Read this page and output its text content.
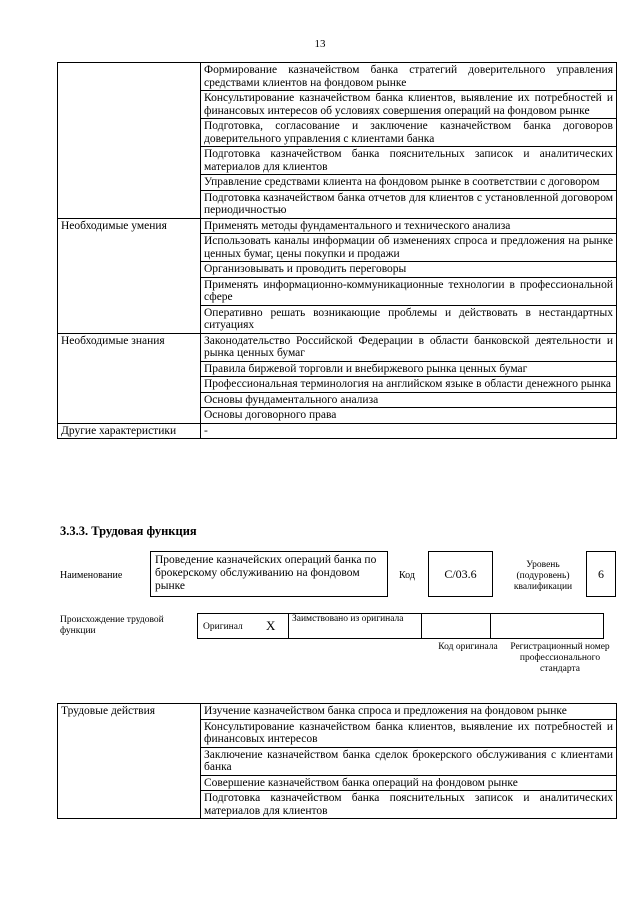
13
	Формирование казначейством банка стратегий доверительного управления средствами клиентов на фондовом рынке
	Консультирование казначейством банка клиентов, выявление их потребностей и финансовых интересов об условиях совершения операций на фондовом рынке
	Подготовка, согласование и заключение казначейством банка договоров доверительного управления с клиентами банка
	Подготовка казначейством банка пояснительных записок и аналитических материалов для клиентов
	Управление средствами клиента на фондовом рынке в соответствии с договором
	Подготовка казначейством банка отчетов для клиентов с установленной договором периодичностью
Необходимые умения	Применять методы фундаментального и технического анализа
	Использовать каналы информации об изменениях спроса и предложения на рынке ценных бумаг, цены покупки и продажи
	Организовывать и проводить переговоры
	Применять информационно-коммуникационные технологии в профессиональной сфере
	Оперативно решать возникающие проблемы и действовать в нестандартных ситуациях
Необходимые знания	Законодательство Российской Федерации в области банковской деятельности и рынка ценных бумаг
	Правила биржевой торговли и внебиржевого рынка ценных бумаг
	Профессиональная терминология на английском языке в области денежного рынка
	Основы фундаментального анализа
	Основы договорного права
Другие характеристики	-
3.3.3. Трудовая функция
Наименование
Проведение казначейских операций банка по брокерскому обслуживанию на фондовом рынке
Код	C/03.6
Уровень (подуровень) квалификации
6
Происхождение трудовой функции	Оригинал X	Заимствовано из оригинала		
Код оригинала	Регистрационный номер профессионального стандарта
Трудовые действия	Изучение казначейством банка спроса и предложения на фондовом рынке
Консультирование казначейством банка клиентов, выявление их потребностей и финансовых интересов
Заключение казначейством банка сделок брокерского обслуживания с клиентами банка
Совершение казначейством банка операций на фондовом рынке
Подготовка казначейством банка пояснительных записок и аналитических материалов для клиентов
